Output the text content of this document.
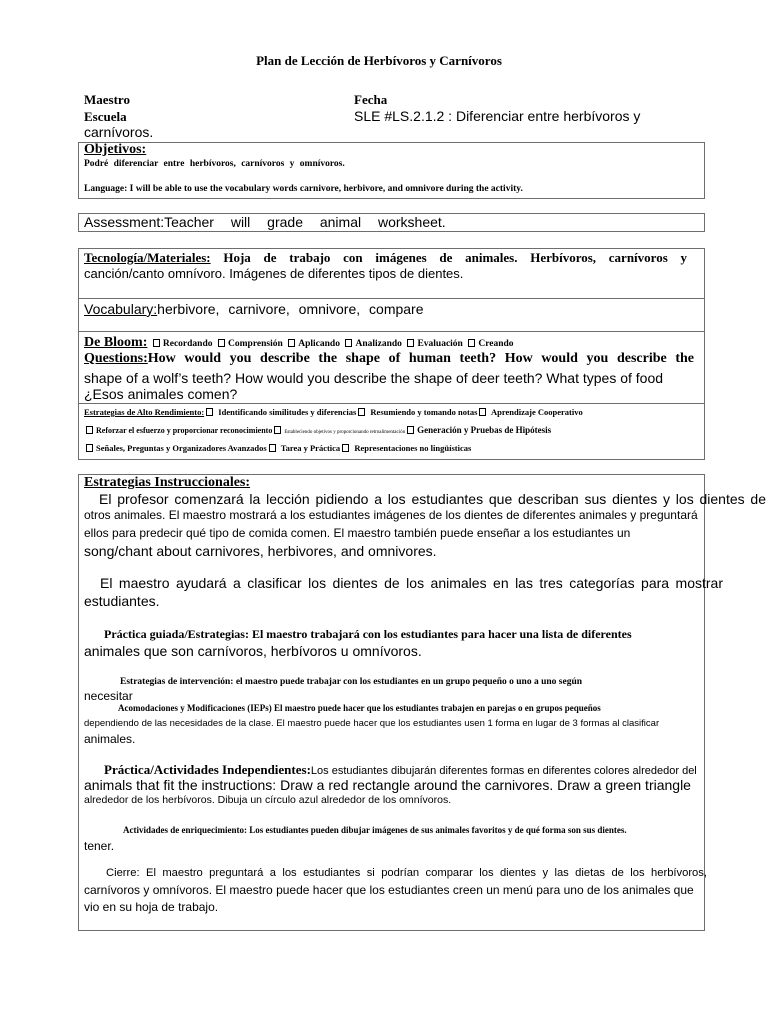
Plan de Lección de Herbívoros y Carnívoros
Maestro	Fecha
Escuela	SLE #LS.2.1.2 : Diferenciar entre herbívoros y
carnívoros.
Objetivos:
Podré diferenciar entre herbívoros, carnívoros y omnívoros.
Language: I will be able to use the vocabulary words carnivore, herbivore, and omnivore during the activity.
Assessment:Teacher will grade animal worksheet.
Tecnología/Materiales: Hoja de trabajo con imágenes de animales. Herbívoros, carnívoros y
canción/canto omnívoro. Imágenes de diferentes tipos de dientes.
Vocabulary:herbivore, carnivore, omnivore, compare
De Bloom: Recordando Comprensión Aplicando Analizando Evaluación Creando
Questions:How would you describe the shape of human teeth? How would you describe the
shape of a wolf’s teeth? How would you describe the shape of deer teeth? What types of food
¿Esos animales comen?
Estrategias de Alto Rendimiento: Identificando similitudes y diferencias Resumiendo y tomando notas Aprendizaje Cooperativo
Reforzar el esfuerzo y proporcionar reconocimiento Estableciendo objetivos y proporcionando retroalimentación Generación y Pruebas de Hipótesis
Señales, Preguntas y Organizadores Avanzados Tarea y Práctica Representaciones no lingüísticas
Estrategias Instruccionales:
El profesor comenzará la lección pidiendo a los estudiantes que describan sus dientes y los dientes de
otros animales. El maestro mostrará a los estudiantes imágenes de los dientes de diferentes animales y preguntará
ellos para predecir qué tipo de comida comen. El maestro también puede enseñar a los estudiantes un
song/chant about carnivores, herbivores, and omnivores.
El maestro ayudará a clasificar los dientes de los animales en las tres categorías para mostrar
estudiantes.
Práctica guiada/Estrategias: El maestro trabajará con los estudiantes para hacer una lista de diferentes
animales que son carnívoros, herbívoros u omnívoros.
Estrategias de intervención: el maestro puede trabajar con los estudiantes en un grupo pequeño o uno a uno según
necesitar
Acomodaciones y Modificaciones (IEPs) El maestro puede hacer que los estudiantes trabajen en parejas o en grupos pequeños
dependiendo de las necesidades de la clase. El maestro puede hacer que los estudiantes usen 1 forma en lugar de 3 formas al clasificar
animales.
Práctica/Actividades Independientes:Los estudiantes dibujarán diferentes formas en diferentes colores alrededor del
animals that fit the instructions: Draw a red rectangle around the carnivores. Draw a green triangle
alrededor de los herbívoros. Dibuja un círculo azul alrededor de los omnívoros.
Actividades de enriquecimiento: Los estudiantes pueden dibujar imágenes de sus animales favoritos y de qué forma son sus dientes.
tener.
Cierre: El maestro preguntará a los estudiantes si podrían comparar los dientes y las dietas de los herbívoros,
carnívoros y omnívoros. El maestro puede hacer que los estudiantes creen un menú para uno de los animales que
vio en su hoja de trabajo.
